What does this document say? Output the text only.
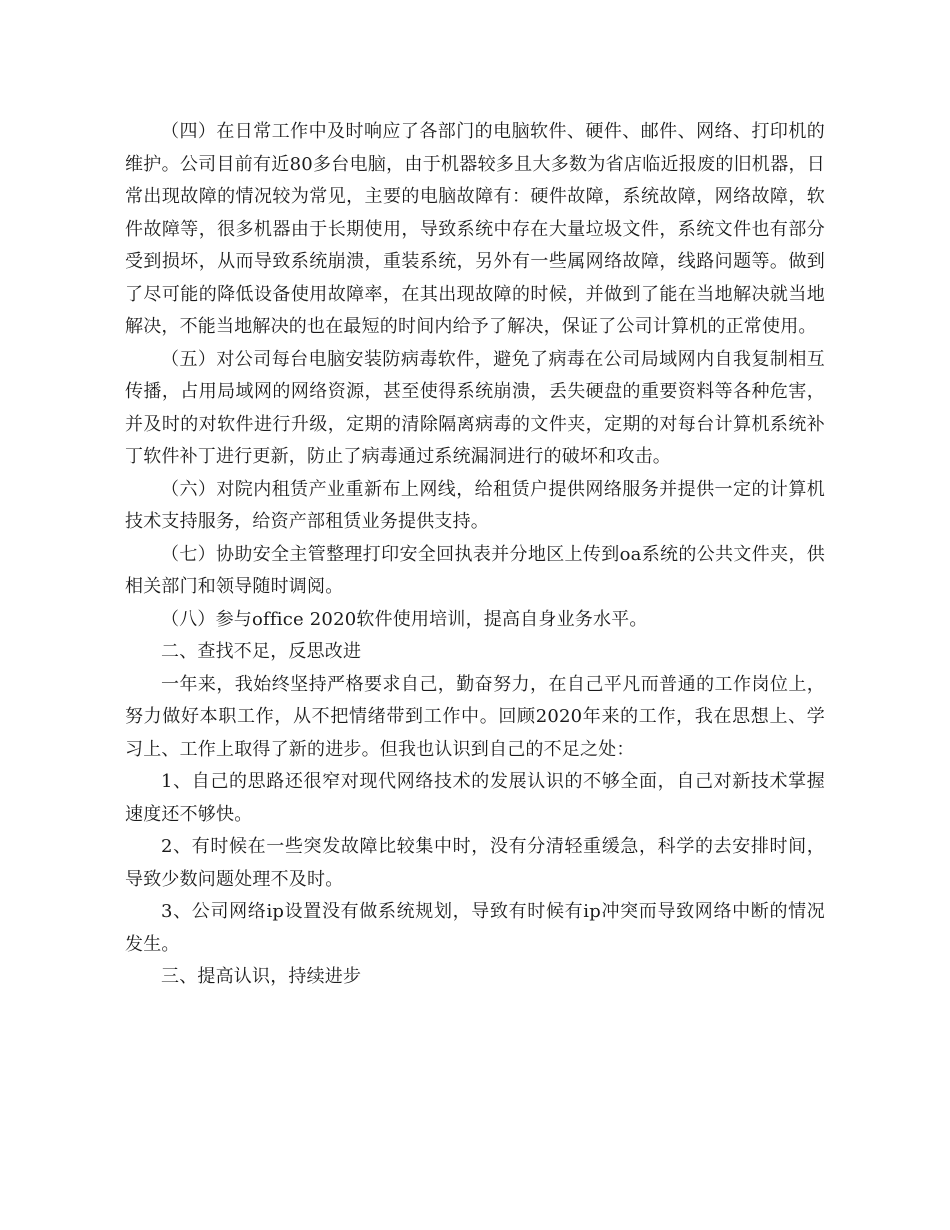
（四）在日常工作中及时响应了各部门的电脑软件、硬件、邮件、网络、打印机的维护。公司目前有近80多台电脑，由于机器较多且大多数为省店临近报废的旧机器，日常出现故障的情况较为常见，主要的电脑故障有：硬件故障，系统故障，网络故障，软件故障等，很多机器由于长期使用，导致系统中存在大量垃圾文件，系统文件也有部分受到损坏，从而导致系统崩溃，重装系统，另外有一些属网络故障，线路问题等。做到了尽可能的降低设备使用故障率，在其出现故障的时候，并做到了能在当地解决就当地解决，不能当地解决的也在最短的时间内给予了解决，保证了公司计算机的正常使用。

（五）对公司每台电脑安装防病毒软件，避免了病毒在公司局域网内自我复制相互传播，占用局域网的网络资源，甚至使得系统崩溃，丢失硬盘的重要资料等各种危害，并及时的对软件进行升级，定期的清除隔离病毒的文件夹，定期的对每台计算机系统补丁软件补丁进行更新，防止了病毒通过系统漏洞进行的破坏和攻击。

（六）对院内租赁产业重新布上网线，给租赁户提供网络服务并提供一定的计算机技术支持服务，给资产部租赁业务提供支持。

（七）协助安全主管整理打印安全回执表并分地区上传到oa系统的公共文件夹，供相关部门和领导随时调阅。

（八）参与office 2020软件使用培训，提高自身业务水平。

二、查找不足，反思改进

一年来，我始终坚持严格要求自己，勤奋努力，在自己平凡而普通的工作岗位上，努力做好本职工作，从不把情绪带到工作中。回顾2020年来的工作，我在思想上、学习上、工作上取得了新的进步。但我也认识到自己的不足之处：

1、自己的思路还很窄对现代网络技术的发展认识的不够全面，自己对新技术掌握速度还不够快。

2、有时候在一些突发故障比较集中时，没有分清轻重缓急，科学的去安排时间，导致少数问题处理不及时。

3、公司网络ip设置没有做系统规划，导致有时候有ip冲突而导致网络中断的情况发生。

三、提高认识，持续进步
